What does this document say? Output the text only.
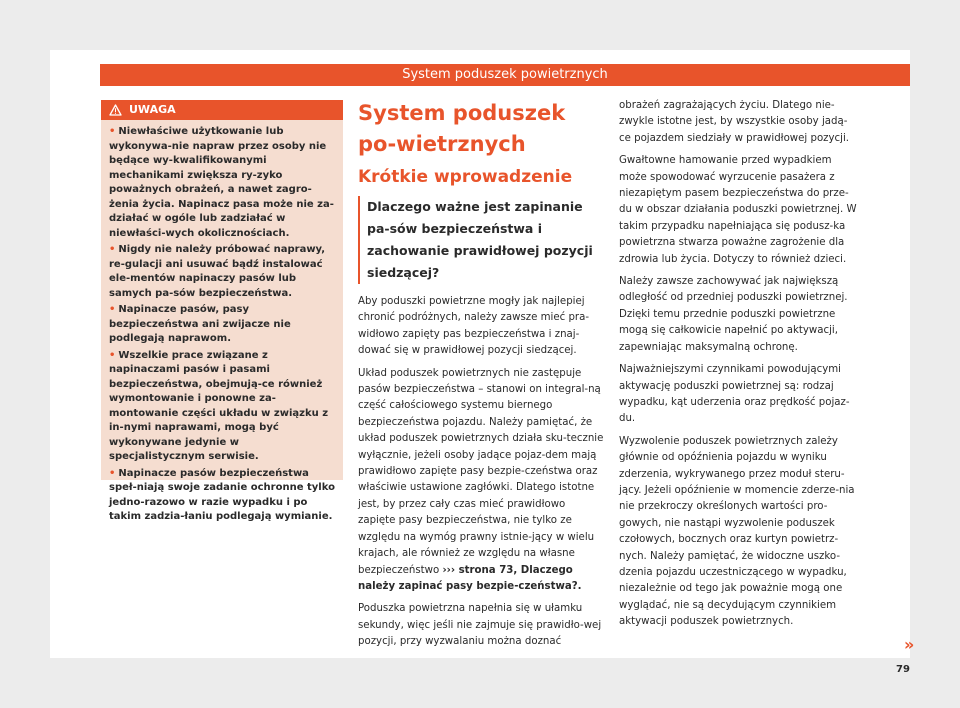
System poduszek powietrznych
UWAGA
• Niewłaściwe użytkowanie lub wykonywa-nie napraw przez osoby nie będące wy-kwalifikowanymi mechanikami zwiększa ry-zyko poważnych obrażeń, a nawet zagro-żenia życia. Napinacz pasa może nie za-działać w ogóle lub zadziałać w niewłaści-wych okolicznościach.
• Nigdy nie należy próbować naprawy, re-gulacji ani usuwać bądź instalować ele-mentów napinaczy pasów lub samych pa-sów bezpieczeństwa.
• Napinacze pasów, pasy bezpieczeństwa ani zwijacze nie podlegają naprawom.
• Wszelkie prace związane z napinaczami pasów i pasami bezpieczeństwa, obejmują-ce również wymontowanie i ponowne za-montowanie części układu w związku z in-nymi naprawami, mogą być wykonywane jedynie w specjalistycznym serwisie.
• Napinacze pasów bezpieczeństwa speł-niają swoje zadanie ochronne tylko jedno-razowo w razie wypadku i po takim zadzia-łaniu podlegają wymianie.
System poduszek po-wietrznych
Krótkie wprowadzenie
Dlaczego ważne jest zapinanie pa-sów bezpieczeństwa i zachowanie prawidłowej pozycji siedzącej?

Aby poduszki powietrzne mogły jak najlepiej chronić podróżnych, należy zawsze mieć pra-widłowo zapięty pas bezpieczeństwa i znaj-dować się w prawidłowej pozycji siedzącej.

Układ poduszek powietrznych nie zastępuje pasów bezpieczeństwa – stanowi on integral-ną część całościowego systemu biernego bezpieczeństwa pojazdu. Należy pamiętać, że układ poduszek powietrznych działa sku-tecznie wyłącznie, jeżeli osoby jadące pojaz-dem mają prawidłowo zapięte pasy bezpie-czeństwa oraz właściwie ustawione zagłówki. Dlatego istotne jest, by przez cały czas mieć prawidłowo zapięte pasy bezpieczeństwa, nie tylko ze względu na wymóg prawny istnie-jący w wielu krajach, ale również ze względu na własne bezpieczeństwo ››› strona 73, Dlaczego należy zapinać pasy bezpie-czeństwa?.

Poduszka powietrzna napełnia się w ułamku sekundy, więc jeśli nie zajmuje się prawidło-wej pozycji, przy wyzwalaniu można doznać

obrażeń zagrażających życiu. Dlatego nie-zwykle istotne jest, by wszystkie osoby jadą-ce pojazdem siedziały w prawidłowej pozycji.

Gwałtowne hamowanie przed wypadkiem może spowodować wyrzucenie pasażera z niezapiętym pasem bezpieczeństwa do prze-du w obszar działania poduszki powietrznej. W takim przypadku napełniająca się podusz-ka powietrzna stwarza poważne zagrożenie dla zdrowia lub życia. Dotyczy to również dzieci.

Należy zawsze zachowywać jak największą odległość od przedniej poduszki powietrznej. Dzięki temu przednie poduszki powietrzne mogą się całkowicie napełnić po aktywacji, zapewniając maksymalną ochronę.

Najważniejszymi czynnikami powodującymi aktywację poduszki powietrznej są: rodzaj wypadku, kąt uderzenia oraz prędkość pojaz-du.

Wyzwolenie poduszek powietrznych zależy głównie od opóźnienia pojazdu w wyniku zderzenia, wykrywanego przez moduł steru-jący. Jeżeli opóźnienie w momencie zderze-nia nie przekroczy określonych wartości pro-gowych, nie nastąpi wyzwolenie poduszek czołowych, bocznych oraz kurtyn powietrz-nych. Należy pamiętać, że widoczne uszko-dzenia pojazdu uczestniczącego w wypadku, niezależnie od tego jak poważnie mogą one wyglądać, nie są decydującym czynnikiem aktywacji poduszek powietrznych.

»
79
